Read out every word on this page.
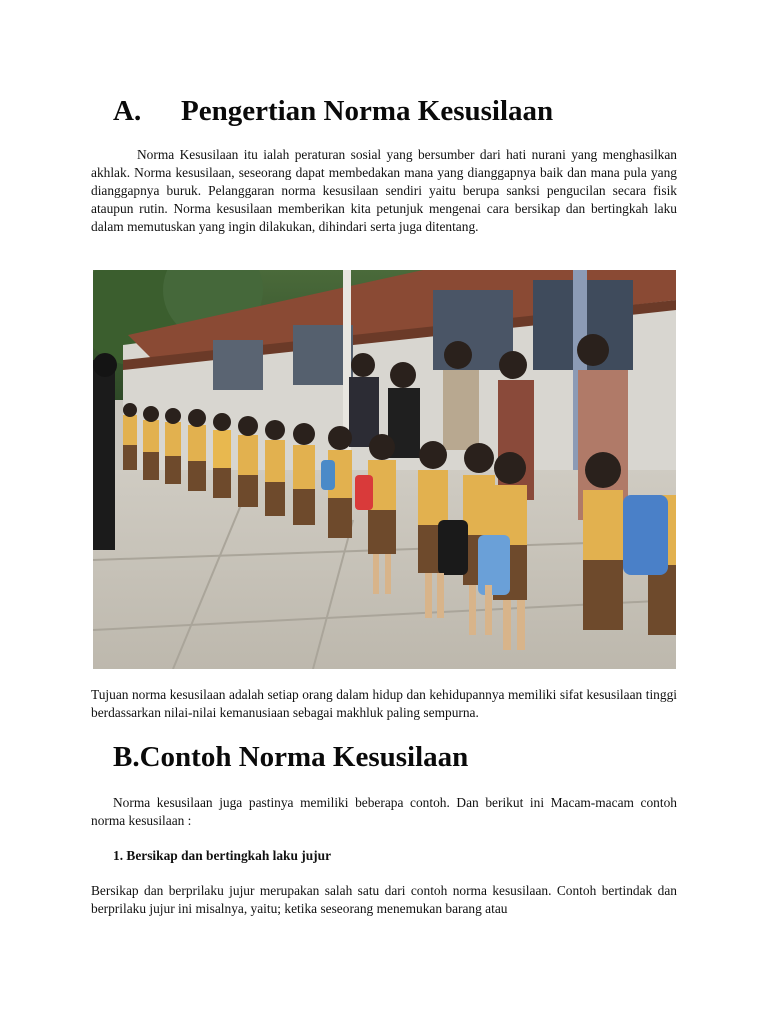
A. Pengertian Norma Kesusilaan

Norma Kesusilaan itu ialah peraturan sosial yang bersumber dari hati nurani yang menghasilkan akhlak. Norma kesusilaan, seseorang dapat membedakan mana yang dianggapnya baik dan mana pula yang dianggapnya buruk. Pelanggaran norma kesusilaan sendiri yaitu berupa sanksi pengucilan secara fisik ataupun rutin. Norma kesusilaan memberikan kita petunjuk mengenai cara bersikap dan bertingkah laku dalam memutuskan yang ingin dilakukan, dihindari serta juga ditentang.

Tujuan norma kesusilaan adalah setiap orang dalam hidup dan kehidupannya memiliki sifat kesusilaan tinggi berdassarkan nilai-nilai kemanusiaan sebagai makhluk paling sempurna.

B.Contoh Norma Kesusilaan

Norma kesusilaan juga pastinya memiliki beberapa contoh. Dan berikut ini Macam-macam contoh norma kesusilaan :

1. Bersikap dan bertingkah laku jujur

Bersikap dan berprilaku jujur merupakan salah satu dari contoh norma kesusilaan. Contoh bertindak dan berprilaku jujur ini misalnya, yaitu; ketika seseorang menemukan barang atau
